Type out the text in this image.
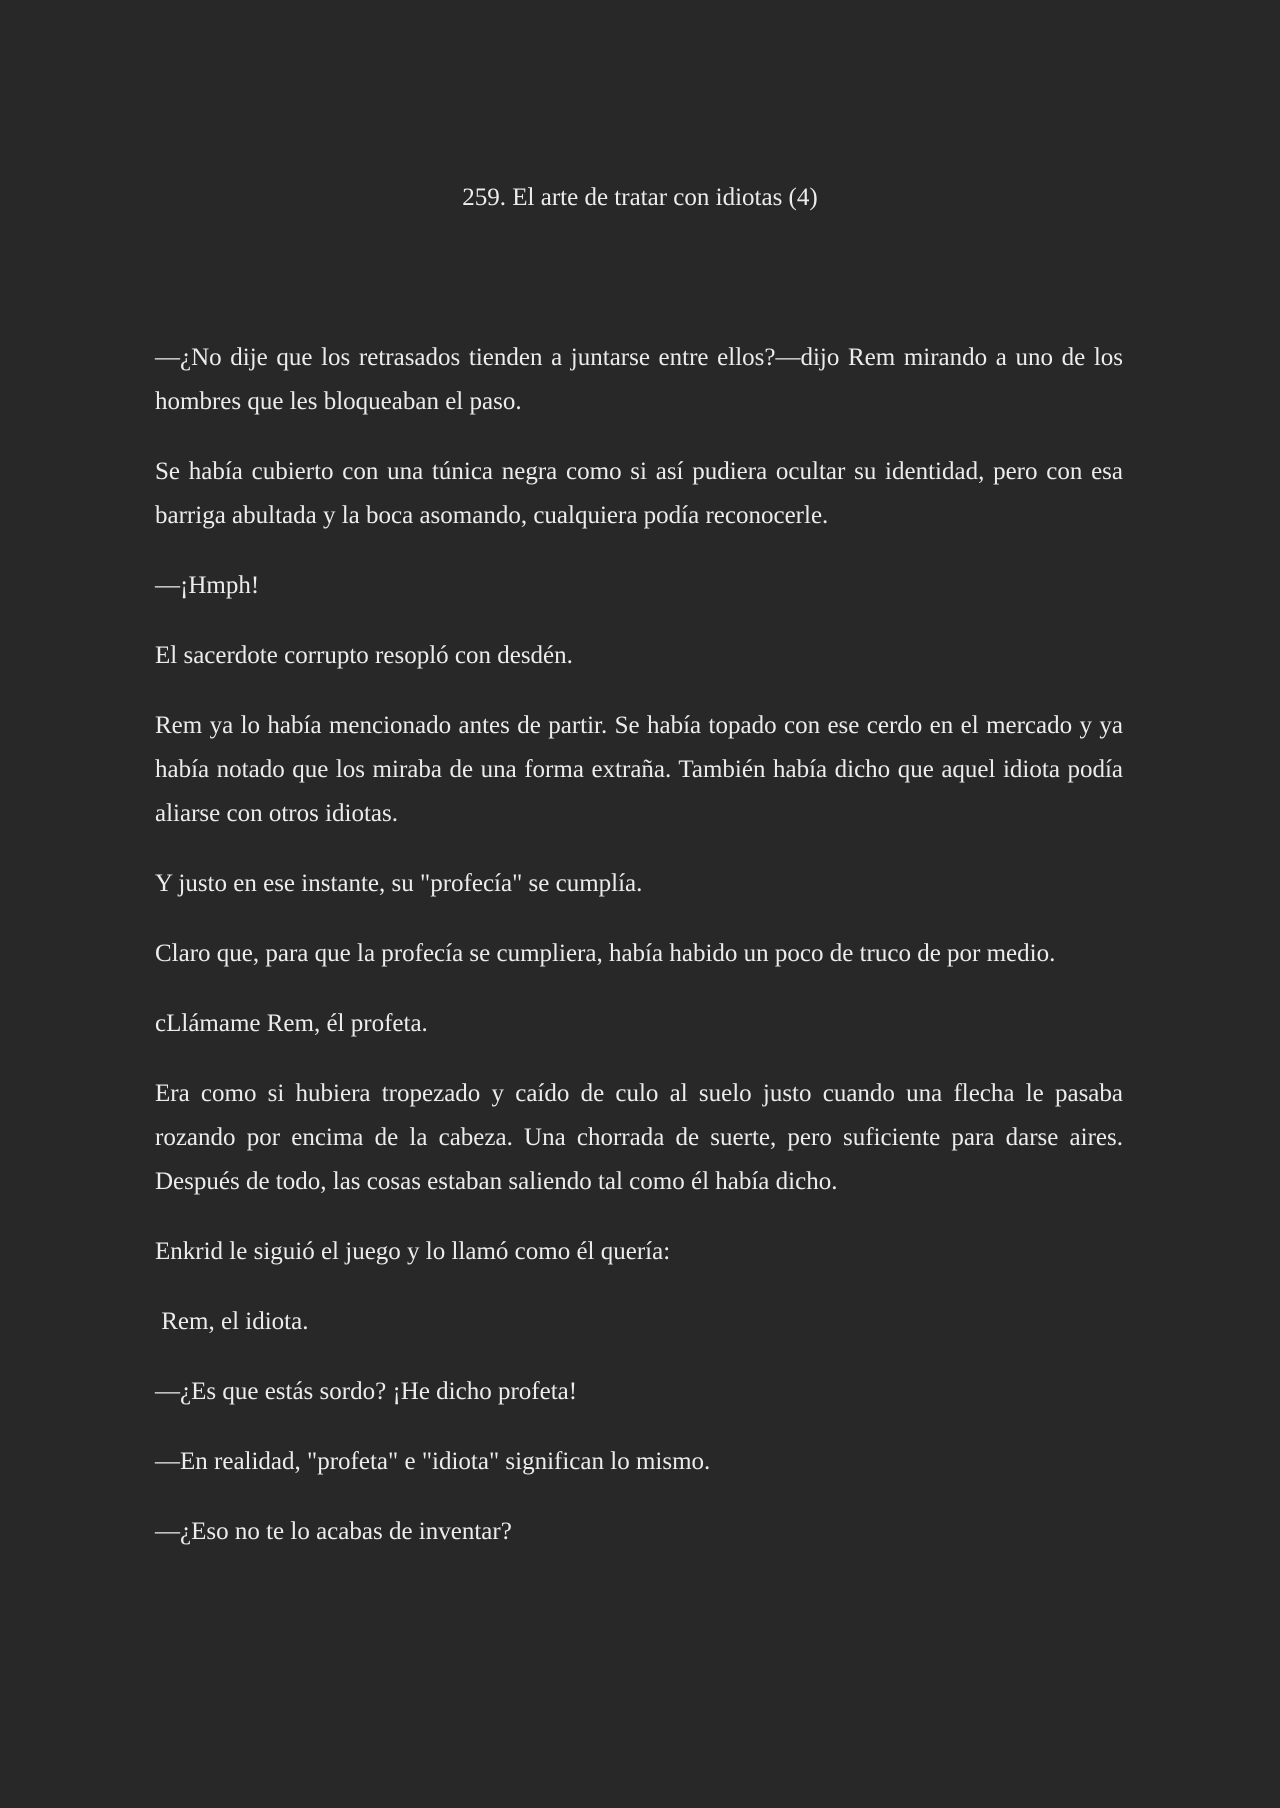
259. El arte de tratar con idiotas (4)

—¿No dije que los retrasados tienden a juntarse entre ellos?—dijo Rem mirando a uno de los hombres que les bloqueaban el paso.

Se había cubierto con una túnica negra como si así pudiera ocultar su identidad, pero con esa barriga abultada y la boca asomando, cualquiera podía reconocerle.

—¡Hmph!

El sacerdote corrupto resopló con desdén.

Rem ya lo había mencionado antes de partir. Se había topado con ese cerdo en el mercado y ya había notado que los miraba de una forma extraña. También había dicho que aquel idiota podía aliarse con otros idiotas.

Y justo en ese instante, su "profecía" se cumplía.

Claro que, para que la profecía se cumpliera, había habido un poco de truco de por medio.

cLlámame Rem, él profeta.

Era como si hubiera tropezado y caído de culo al suelo justo cuando una flecha le pasaba rozando por encima de la cabeza. Una chorrada de suerte, pero suficiente para darse aires. Después de todo, las cosas estaban saliendo tal como él había dicho.

Enkrid le siguió el juego y lo llamó como él quería:

Rem, el idiota.

—¿Es que estás sordo? ¡He dicho profeta!

—En realidad, "profeta" e "idiota" significan lo mismo.

—¿Eso no te lo acabas de inventar?
